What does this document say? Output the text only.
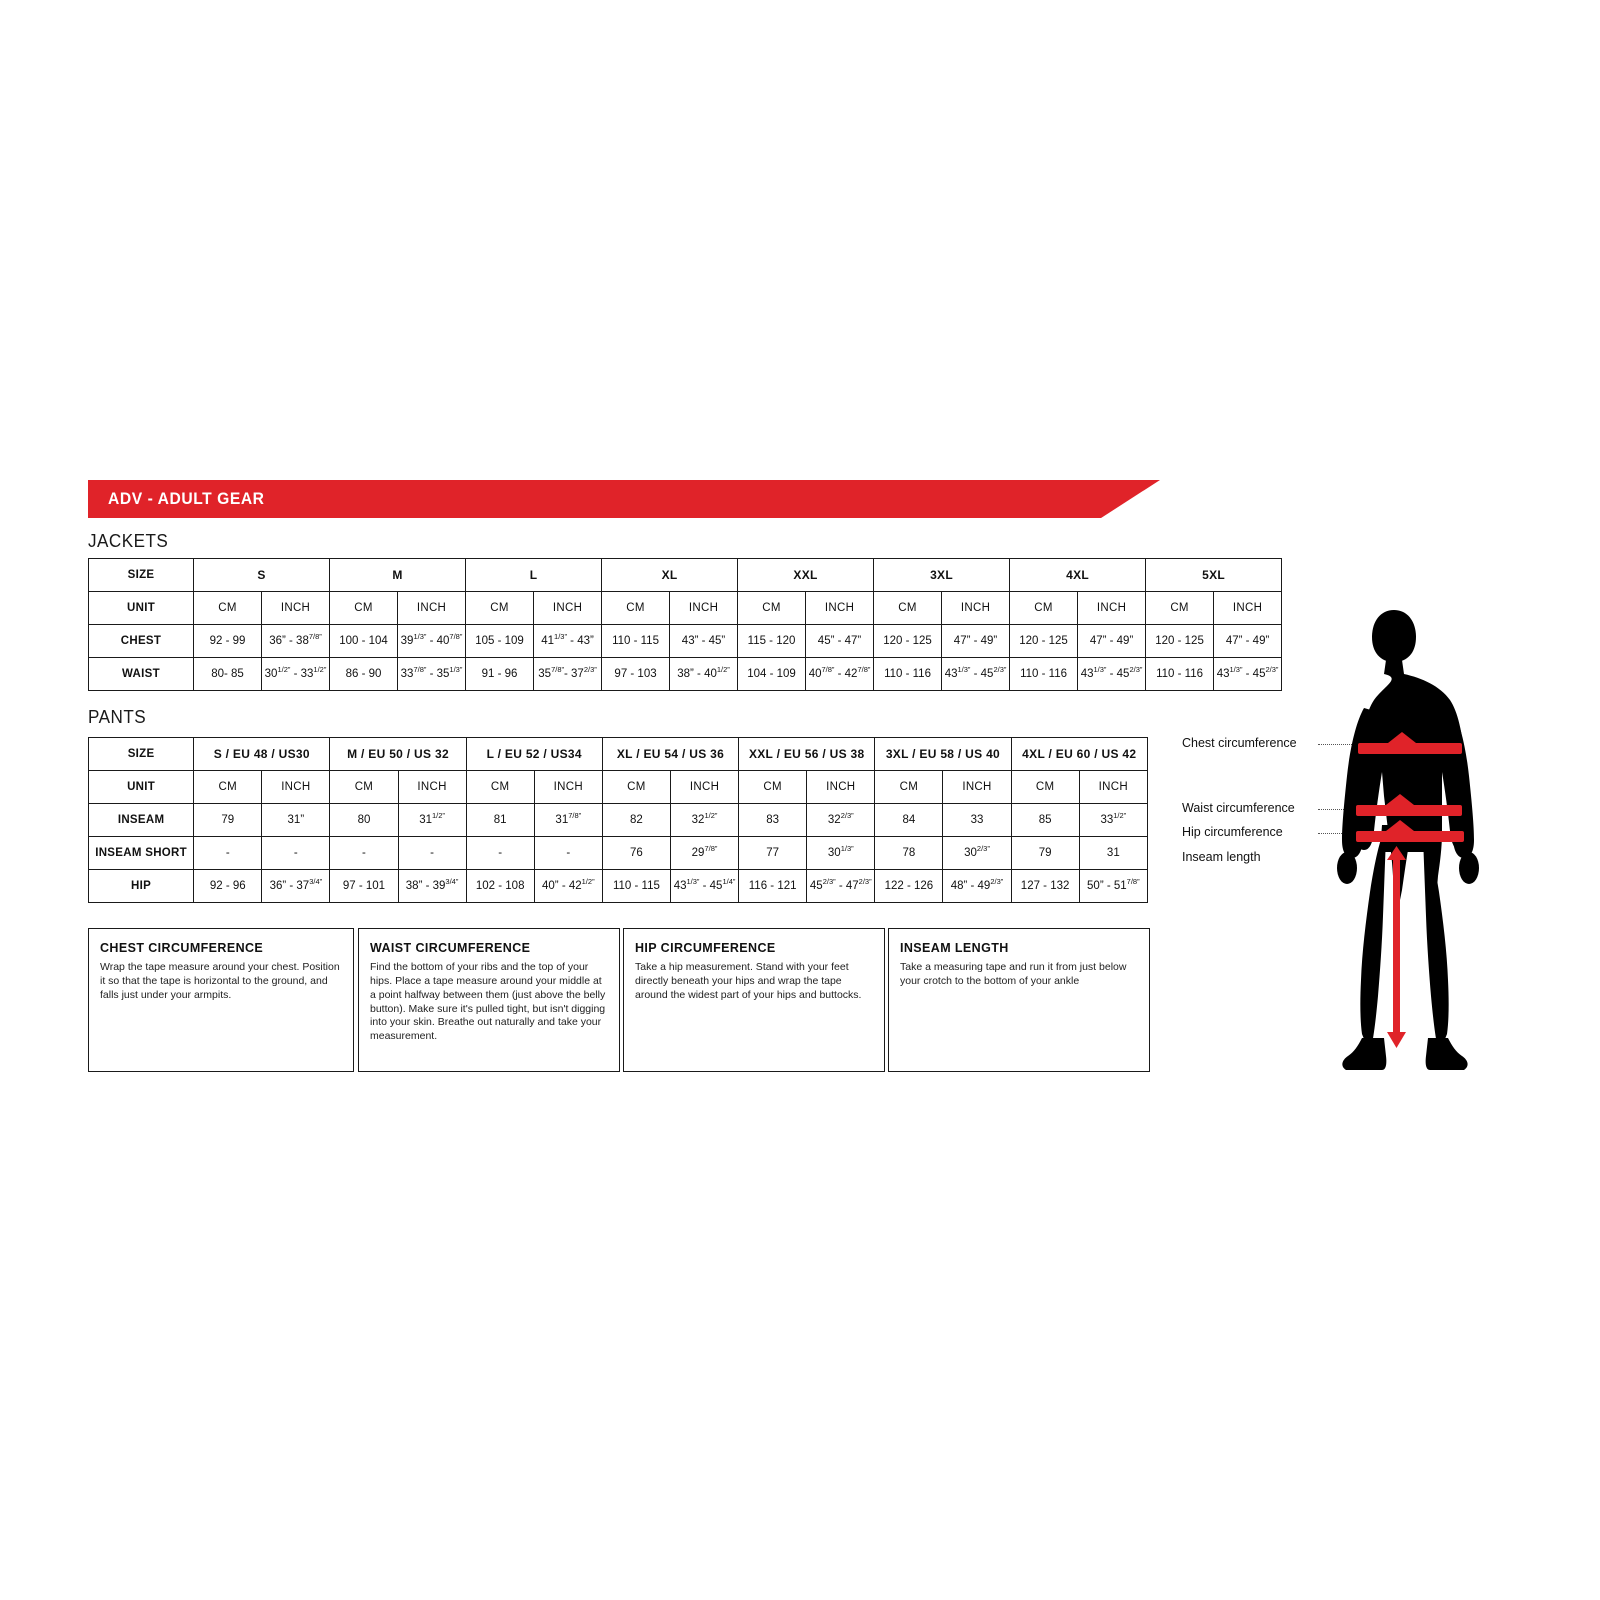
ADV - ADULT GEAR
JACKETS
SIZE	S		M		L		XL		XXL		3XL		4XL		5XL	
UNIT	CM	INCH	CM	INCH	CM	INCH	CM	INCH	CM	INCH	CM	INCH	CM	INCH	CM	INCH
CHEST	92 - 99	36” - $38^{7/8”}$	100 - 104	$39^{1/3”} - 40^{7/8”}$	105 - 109	$41^{1/3”} - 43$”	110 - 115	43” - 45”	115 - 120	45” - 47”	120 - 125	47” - 49”	120 - 125	47” - 49”	120 - 125	47” - 49”
WAIST	80- 85	$30^{1/2”} - 33^{1/2”}$	86 - 90	$33^{7/8”} - 35^{1/3”}$	91 - 96	$35^{7/8”}-$ $37^{2/3”}$	97 - 103	38” - $40^{1/2”}$	104 - 109	$40^{7/8”} - 42^{7/8”}$	110 - 116	$43^{1/3”} - 45^{2/3”}$	110 - 116	$43^{1/3”} - 45^{2/3”}$	110 - 116	$43^{1/3”} - 45^{2/3”}$
PANTS
SIZE	S / EU 48 / US30		M / EU 50 / US 32		L / EU 52 / US34		XL / EU 54 / US 36		XXL / EU 56 / US 38		3XL / EU 58 / US 40		4XL / EU 60 / US 42	
UNIT	CM	INCH	CM	INCH	CM	INCH	CM	INCH	CM	INCH	CM	INCH	CM	INCH
INSEAM	79	31”	80	$31^{1/2”}$	81	$31^{7/8”}$	82	$32^{1/2”}$	83	$32^{2/3”}$	84	33	85	$33^{1/2”}$
INSEAM SHORT	-	-	-	-	-	-	76	$29^{7/8”}$	77	$30^{1/3”}$	78	$30^{2/3”}$	79	31
HIP	92 - 96	36” - $37^{3/4”}$	97 - 101	38” - $39^{3/4”}$	102 - 108	40” - $42^{1/2”}$	110 - 115	$43^{1/3”} - 45^{1/4”}$	116 - 121	$45^{2/3”} - 47^{2/3”}$	122 - 126	48” - $49^{2/3”}$	127 - 132	50” - $51^{7/8”}$
CHEST CIRCUMFERENCE
Wrap the tape measure around your chest. Position it so that the tape is horizontal to the ground, and falls just under your armpits.
WAIST CIRCUMFERENCE
Find the bottom of your ribs and the top of your hips. Place a tape measure around your middle at a point halfway between them (just above the belly button). Make sure it's pulled tight, but isn't digging into your skin. Breathe out naturally and take your measurement.
HIP CIRCUMFERENCE
Take a hip measurement. Stand with your feet directly beneath your hips and wrap the tape around the widest part of your hips and buttocks.
INSEAM LENGTH
Take a measuring tape and run it from just below your crotch to the bottom of your ankle
Chest circumference
Waist circumference
Hip circumference
Inseam length
